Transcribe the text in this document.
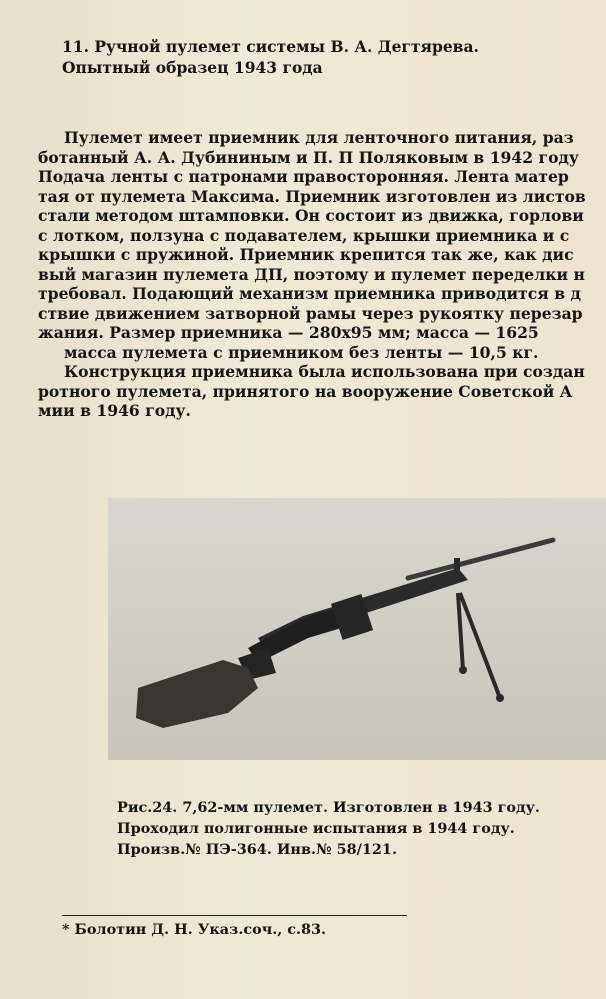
11. Ручной пулемет системы В. А. Дегтярева.
Опытный образец 1943 года
Пулемет имеет приемник для ленточного питания, раз
ботанный А. А. Дубининым и П. П Поляковым в 1942 году
Подача ленты с патронами правосторонняя. Лента матер
тая от пулемета Максима. Приемник изготовлен из листов
стали методом штамповки. Он состоит из движка, горлови
с лотком, ползуна с подавателем, крышки приемника и с
крышки с пружиной. Приемник крепится так же, как дис
вый магазин пулемета ДП, поэтому и пулемет переделки н
требовал. Подающий механизм приемника приводится в д
ствие движением затворной рамы через рукоятку перезар
жания. Размер приемника — 280х95 мм; масса — 1625
масса пулемета с приемником без ленты — 10,5 кг.
Конструкция приемника была использована при создан
ротного пулемета, принятого на вооружение Советской А
мии в 1946 году.
Рис.24. 7,62-мм пулемет. Изготовлен в 1943 году.
Проходил полигонные испытания в 1944 году.
Произв.№ ПЭ-364. Инв.№ 58/121.
* Болотин Д. Н. Указ.соч., с.83.
